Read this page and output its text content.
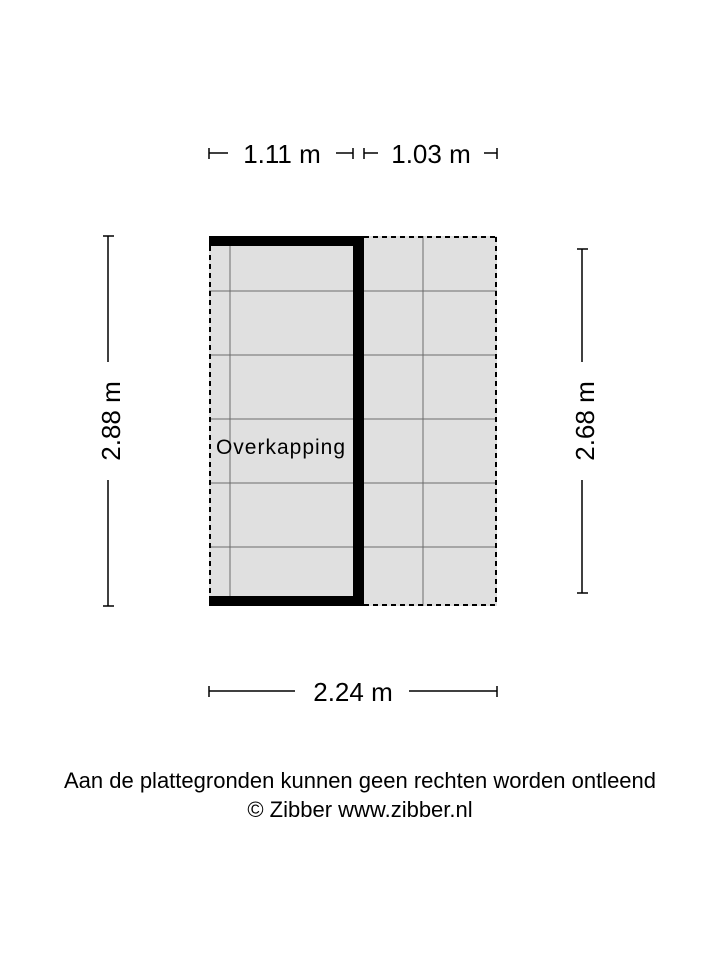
1.11 m	1.03 m
2.88 m	2.68 m
2.24 m
Overkapping
Aan de plattegronden kunnen geen rechten worden ontleend
© Zibber www.zibber.nl
